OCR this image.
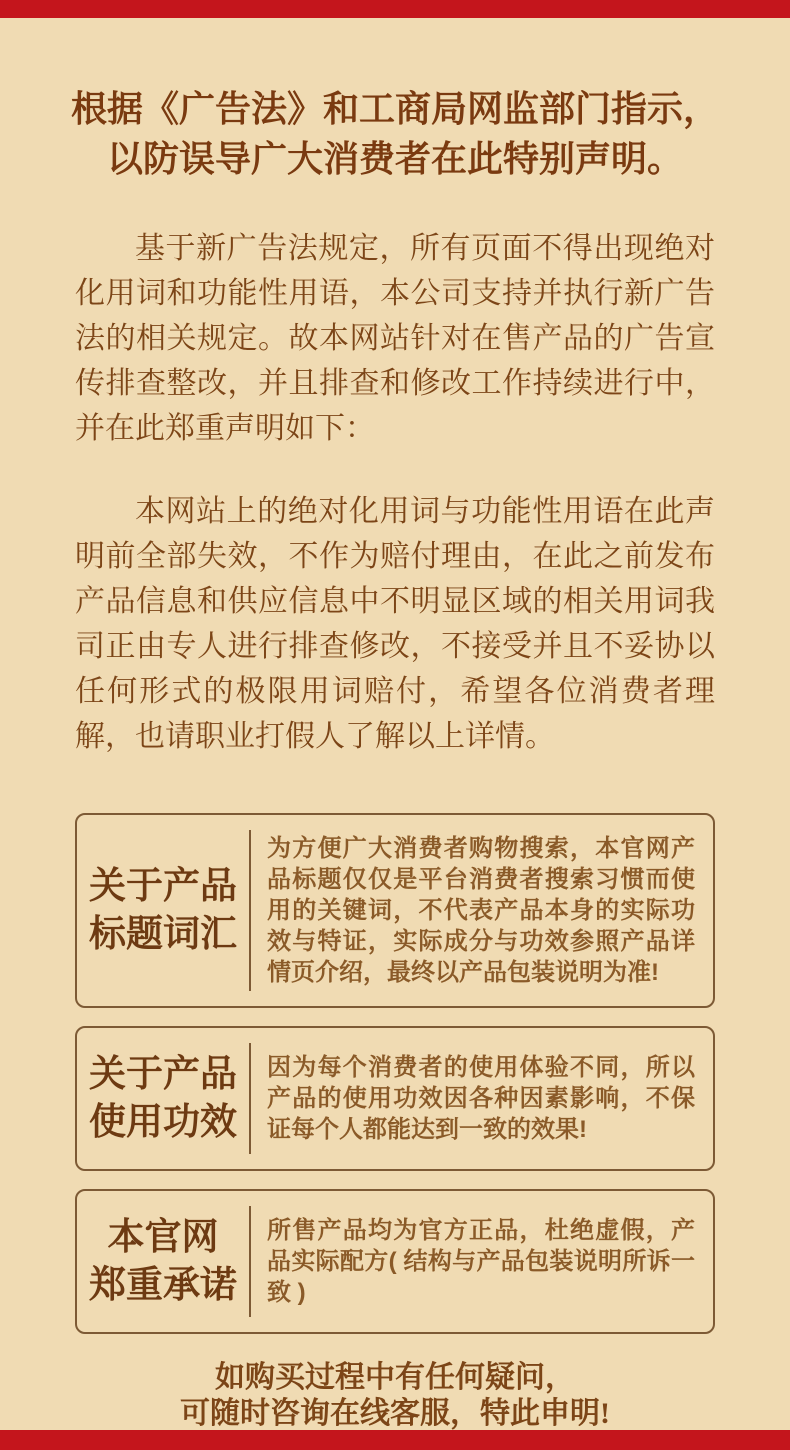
根据《广告法》和工商局网监部门指示，
以防误导广大消费者在此特别声明。
基于新广告法规定，所有页面不得出现绝对化用词和功能性用语，本公司支持并执行新广告法的相关规定。故本网站针对在售产品的广告宣传排查整改，并且排查和修改工作持续进行中，并在此郑重声明如下：
本网站上的绝对化用词与功能性用语在此声明前全部失效，不作为赔付理由，在此之前发布产品信息和供应信息中不明显区域的相关用词我司正由专人进行排查修改，不接受并且不妥协以任何形式的极限用词赔付，希望各位消费者理解，也请职业打假人了解以上详情。
关于产品
标题词汇
为方便广大消费者购物搜索，本官网产品标题仅仅是平台消费者搜索习惯而使用的关键词，不代表产品本身的实际功效与特证，实际成分与功效参照产品详情页介绍，最终以产品包装说明为准!
关于产品
使用功效
因为每个消费者的使用体验不同，所以产品的使用功效因各种因素影响，不保证每个人都能达到一致的效果!
本官网
郑重承诺
所售产品均为官方正品，杜绝虚假，产品实际配方( 结构与产品包装说明所诉一致 )
如购买过程中有任何疑问，
可随时咨询在线客服，特此申明!
